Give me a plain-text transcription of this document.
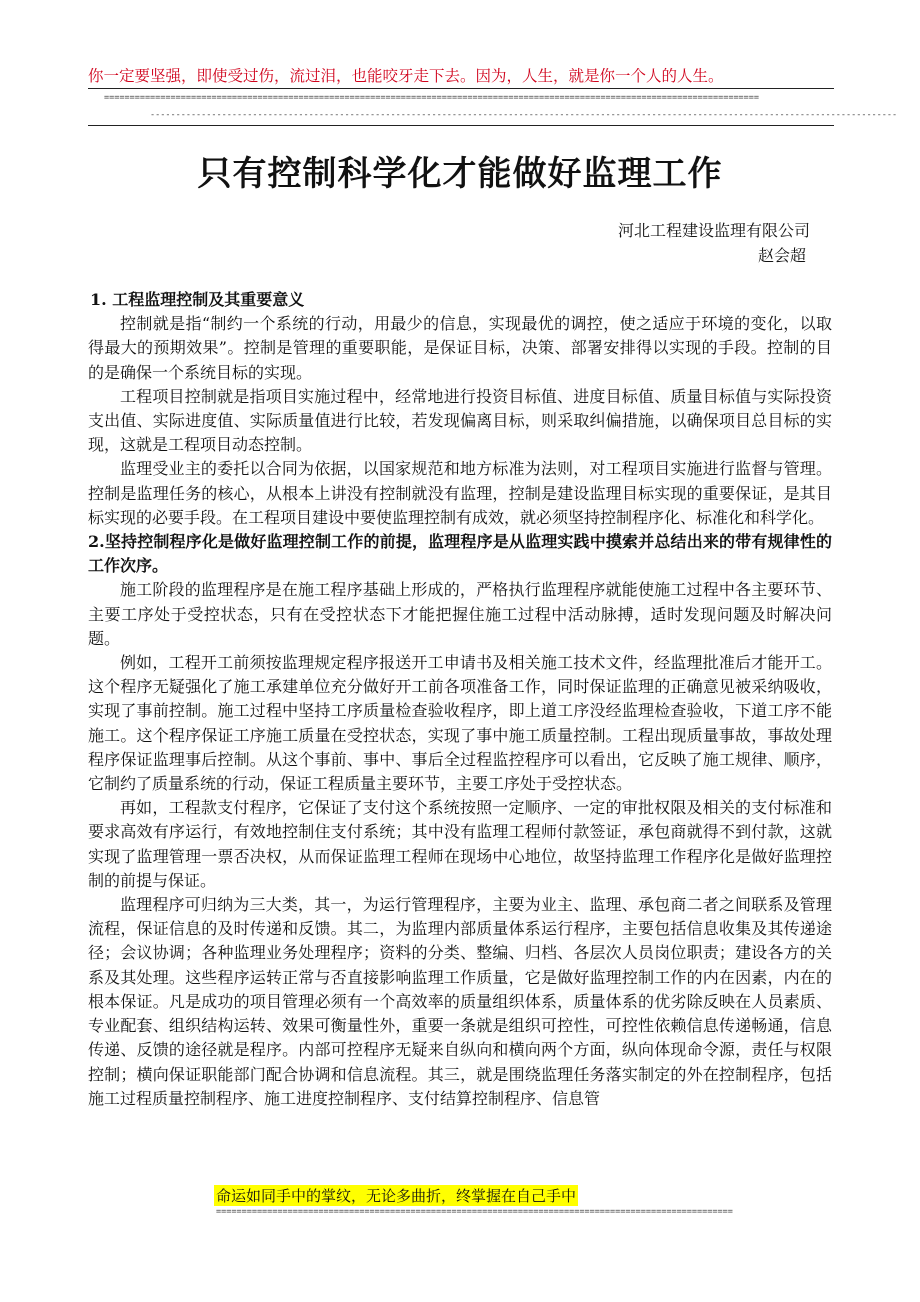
你一定要坚强，即使受过伤，流过泪，也能咬牙走下去。因为，人生，就是你一个人的人生。
================================================================================================================================
--------------------------------------------------------------------------------------------------------------------------------------------------
只有控制科学化才能做好监理工作
河北工程建设监理有限公司
赵会超
1. 工程监理控制及其重要意义

控制就是指“制约一个系统的行动，用最少的信息，实现最优的调控，使之适应于环境的变化，以取得最大的预期效果”。控制是管理的重要职能，是保证目标，决策、部署安排得以实现的手段。控制的目的是确保一个系统目标的实现。

工程项目控制就是指项目实施过程中，经常地进行投资目标值、进度目标值、质量目标值与实际投资支出值、实际进度值、实际质量值进行比较，若发现偏离目标，则采取纠偏措施，以确保项目总目标的实现，这就是工程项目动态控制。

监理受业主的委托以合同为依据，以国家规范和地方标准为法则，对工程项目实施进行监督与管理。控制是监理任务的核心，从根本上讲没有控制就没有监理，控制是建设监理目标实现的重要保证，是其目标实现的必要手段。在工程项目建设中要使监理控制有成效，就必须坚持控制程序化、标准化和科学化。

2.坚持控制程序化是做好监理控制工作的前提，监理程序是从监理实践中摸索并总结出来的带有规律性的工作次序。

施工阶段的监理程序是在施工程序基础上形成的，严格执行监理程序就能使施工过程中各主要环节、主要工序处于受控状态，只有在受控状态下才能把握住施工过程中活动脉搏，适时发现问题及时解决问题。

例如，工程开工前须按监理规定程序报送开工申请书及相关施工技术文件，经监理批准后才能开工。这个程序无疑强化了施工承建单位充分做好开工前各项准备工作，同时保证监理的正确意见被采纳吸收，实现了事前控制。施工过程中坚持工序质量检查验收程序，即上道工序没经监理检查验收，下道工序不能施工。这个程序保证工序施工质量在受控状态，实现了事中施工质量控制。工程出现质量事故，事故处理程序保证监理事后控制。从这个事前、事中、事后全过程监控程序可以看出，它反映了施工规律、顺序，它制约了质量系统的行动，保证工程质量主要环节，主要工序处于受控状态。

再如，工程款支付程序，它保证了支付这个系统按照一定顺序、一定的审批权限及相关的支付标准和要求高效有序运行，有效地控制住支付系统；其中没有监理工程师付款签证，承包商就得不到付款，这就实现了监理管理一票否决权，从而保证监理工程师在现场中心地位，故坚持监理工作程序化是做好监理控制的前提与保证。

监理程序可归纳为三大类，其一，为运行管理程序，主要为业主、监理、承包商二者之间联系及管理流程，保证信息的及时传递和反馈。其二，为监理内部质量体系运行程序，主要包括信息收集及其传递途径；会议协调；各种监理业务处理程序；资料的分类、整编、归档、各层次人员岗位职责；建设各方的关系及其处理。这些程序运转正常与否直接影响监理工作质量，它是做好监理控制工作的内在因素，内在的根本保证。凡是成功的项目管理必须有一个高效率的质量组织体系，质量体系的优劣除反映在人员素质、专业配套、组织结构运转、效果可衡量性外，重要一条就是组织可控性，可控性依赖信息传递畅通，信息传递、反馈的途径就是程序。内部可控程序无疑来自纵向和横向两个方面，纵向体现命令源，责任与权限控制；横向保证职能部门配合协调和信息流程。其三，就是围绕监理任务落实制定的外在控制程序，包括施工过程质量控制程序、施工进度控制程序、支付结算控制程序、信息管

命运如同手中的掌纹，无论多曲折，终掌握在自己手中
=====================================================================================================
